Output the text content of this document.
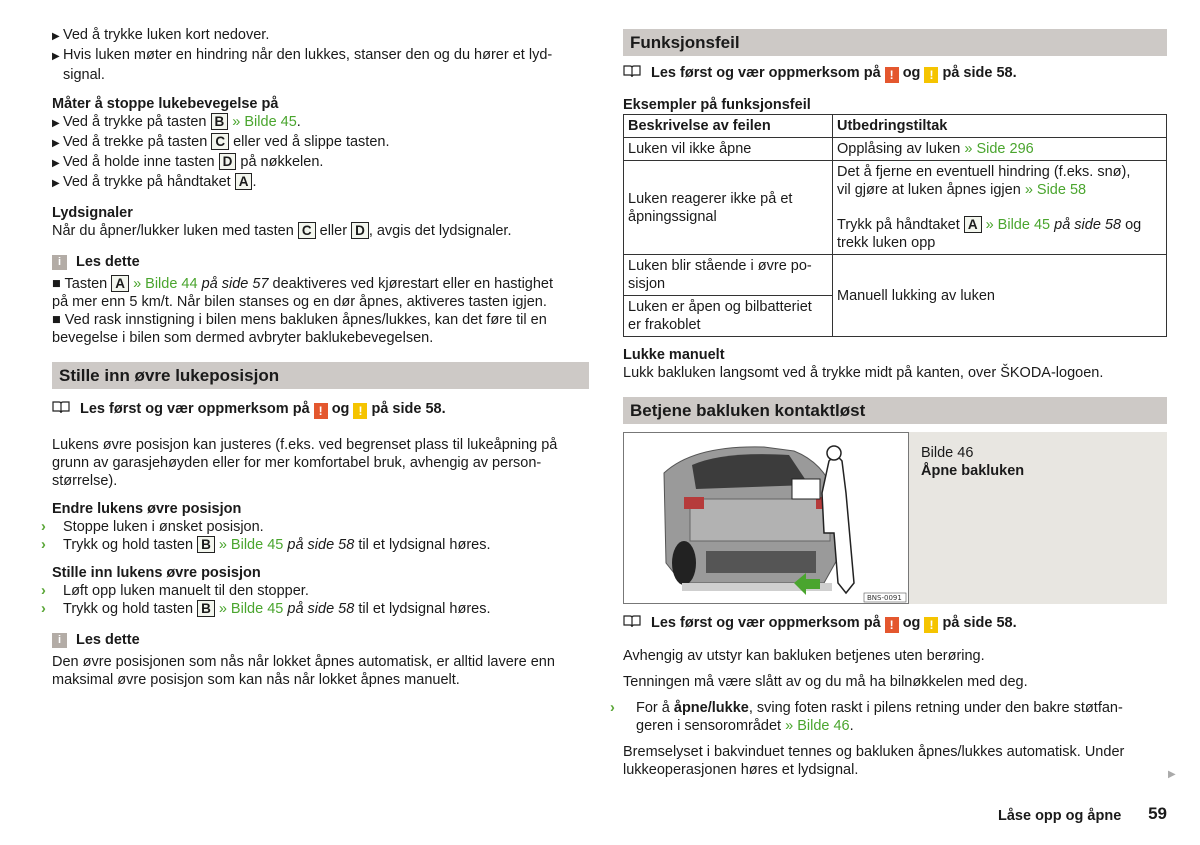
▶ Ved å trykke luken kort nedover.
▶ Hvis luken møter en hindring når den lukkes, stanser den og du hører et lyd-
signal.
Måter å stoppe lukebevegelse på
▶ Ved å trykke på tasten B » Bilde 45.
▶ Ved å trekke på tasten C eller ved å slippe tasten.
▶ Ved å holde inne tasten D på nøkkelen.
▶ Ved å trykke på håndtaket A .
Lydsignaler
Når du åpner/lukker luken med tasten C eller D , avgis det lydsignaler.
i	Les dette
■ Tasten A » Bilde 44 på side 57 deaktiveres ved kjørestart eller en hastighet
på mer enn 5 km/t. Når bilen stanses og en dør åpnes, aktiveres tasten igjen.
■ Ved rask innstigning i bilen mens bakluken åpnes/lukkes, kan det føre til en
bevegelse i bilen som dermed avbryter baklukebevegelsen.
Stille inn øvre lukeposisjon
Les først og vær oppmerksom på ! og ! på side 58.
Lukens øvre posisjon kan justeres (f.eks. ved begrenset plass til lukeåpning på
grunn av garasjehøyden eller for mer komfortabel bruk, avhengig av person-
størrelse).
Endre lukens øvre posisjon
› Stoppe luken i ønsket posisjon.
› Trykk og hold tasten B » Bilde 45 på side 58 til et lydsignal høres.
Stille inn lukens øvre posisjon
› Løft opp luken manuelt til den stopper.
› Trykk og hold tasten B » Bilde 45 på side 58 til et lydsignal høres.
i	Les dette
Den øvre posisjonen som nås når lokket åpnes automatisk, er alltid lavere enn
maksimal øvre posisjon som kan nås når lokket åpnes manuelt.
Funksjonsfeil
Les først og vær oppmerksom på ! og ! på side 58.
Eksempler på funksjonsfeil
Beskrivelse av feilen	Utbedringstiltak
Luken vil ikke åpne	Opplåsing av luken » Side 296
Luken reagerer ikke på et
åpningssignal	Det å fjerne en eventuell hindring (f.eks. snø),
vil gjøre at luken åpnes igjen » Side 58
Trykk på håndtaket A » Bilde 45 på side 58 og
trekk luken opp
Luken blir stående i øvre po-
sisjon	Manuell lukking av luken
Luken er åpen og bilbatteriet
er frakoblet	
Lukke manuelt
Lukk bakluken langsomt ved å trykke midt på kanten, over ŠKODA-logoen.
Betjene bakluken kontaktløst
BNS-0091
Bilde 46
Åpne bakluken
Les først og vær oppmerksom på ! og ! på side 58.
Avhengig av utstyr kan bakluken betjenes uten berøring.
Tenningen må være slått av og du må ha bilnøkkelen med deg.
› For å åpne/lukke, sving foten raskt i pilens retning under den bakre støtfan-
geren i sensorområdet » Bilde 46.
Bremselyset i bakvinduet tennes og bakluken åpnes/lukkes automatisk. Under
lukkeoperasjonen høres et lydsignal.	▶
Låse opp og åpne 59
